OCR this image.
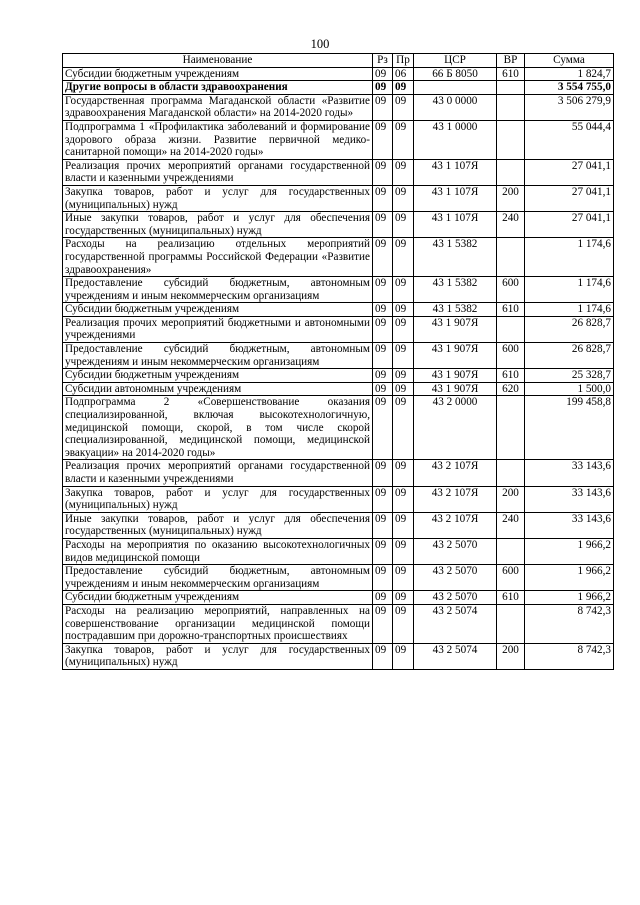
100
Наименование	Рз	Пр	ЦСР	ВР	Сумма
Субсидии бюджетным учреждениям	09	06	66 Б 8050	610	1 824,7
Другие вопросы в области здравоохранения	09	09			3 554 755,0
Государственная программа Магаданской области «Развитие здравоохранения Магаданской области» на 2014-2020 годы»	09	09	43 0 0000		3 506 279,9
Подпрограмма 1 «Профилактика заболеваний и формирование здорового образа жизни. Развитие первичной медико-санитарной помощи» на 2014-2020 годы»	09	09	43 1 0000		55 044,4
Реализация прочих мероприятий органами государственной власти и казенными учреждениями	09	09	43 1 107Я		27 041,1
Закупка товаров, работ и услуг для государственных (муниципальных) нужд	09	09	43 1 107Я	200	27 041,1
Иные закупки товаров, работ и услуг для обеспечения государственных (муниципальных) нужд	09	09	43 1 107Я	240	27 041,1
Расходы на реализацию отдельных мероприятий государственной программы Российской Федерации «Развитие здравоохранения»	09	09	43 1 5382		1 174,6
Предоставление субсидий бюджетным, автономным учреждениям и иным некоммерческим организациям	09	09	43 1 5382	600	1 174,6
Субсидии бюджетным учреждениям	09	09	43 1 5382	610	1 174,6
Реализация прочих мероприятий бюджетными и автономными учреждениями	09	09	43 1 907Я		26 828,7
Предоставление субсидий бюджетным, автономным учреждениям и иным некоммерческим организациям	09	09	43 1 907Я	600	26 828,7
Субсидии бюджетным учреждениям	09	09	43 1 907Я	610	25 328,7
Субсидии автономным учреждениям	09	09	43 1 907Я	620	1 500,0
Подпрограмма 2 «Совершенствование оказания специализированной, включая высокотехнологичную, медицинской помощи, скорой, в том числе скорой специализированной, медицинской помощи, медицинской эвакуации» на 2014-2020 годы»	09	09	43 2 0000		199 458,8
Реализация прочих мероприятий органами государственной власти и казенными учреждениями	09	09	43 2 107Я		33 143,6
Закупка товаров, работ и услуг для государственных (муниципальных) нужд	09	09	43 2 107Я	200	33 143,6
Иные закупки товаров, работ и услуг для обеспечения государственных (муниципальных) нужд	09	09	43 2 107Я	240	33 143,6
Расходы на мероприятия по оказанию высокотехнологичных видов медицинской помощи	09	09	43 2 5070		1 966,2
Предоставление субсидий бюджетным, автономным учреждениям и иным некоммерческим организациям	09	09	43 2 5070	600	1 966,2
Субсидии бюджетным учреждениям	09	09	43 2 5070	610	1 966,2
Расходы на реализацию мероприятий, направленных на совершенствование организации медицинской помощи пострадавшим при дорожно-транспортных происшествиях	09	09	43 2 5074		8 742,3
Закупка товаров, работ и услуг для государственных (муниципальных) нужд	09	09	43 2 5074	200	8 742,3
